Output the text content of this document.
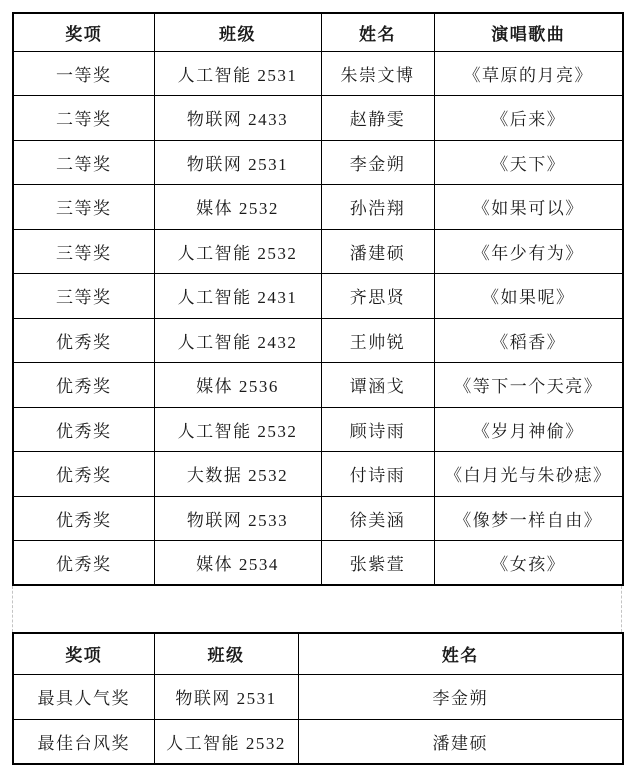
奖项	班级	姓名	演唱歌曲
一等奖	人工智能 2531	朱崇文博	《草原的月亮》
二等奖	物联网 2433	赵静雯	《后来》
二等奖	物联网 2531	李金朔	《天下》
三等奖	媒体 2532	孙浩翔	《如果可以》
三等奖	人工智能 2532	潘建硕	《年少有为》
三等奖	人工智能 2431	齐思贤	《如果呢》
优秀奖	人工智能 2432	王帅锐	《稻香》
优秀奖	媒体 2536	谭涵戈	《等下一个天亮》
优秀奖	人工智能 2532	顾诗雨	《岁月神偷》
优秀奖	大数据 2532	付诗雨	《白月光与朱砂痣》
优秀奖	物联网 2533	徐美涵	《像梦一样自由》
优秀奖	媒体 2534	张紫萱	《女孩》
奖项	班级	姓名
最具人气奖	物联网 2531	李金朔
最佳台风奖	人工智能 2532	潘建硕
